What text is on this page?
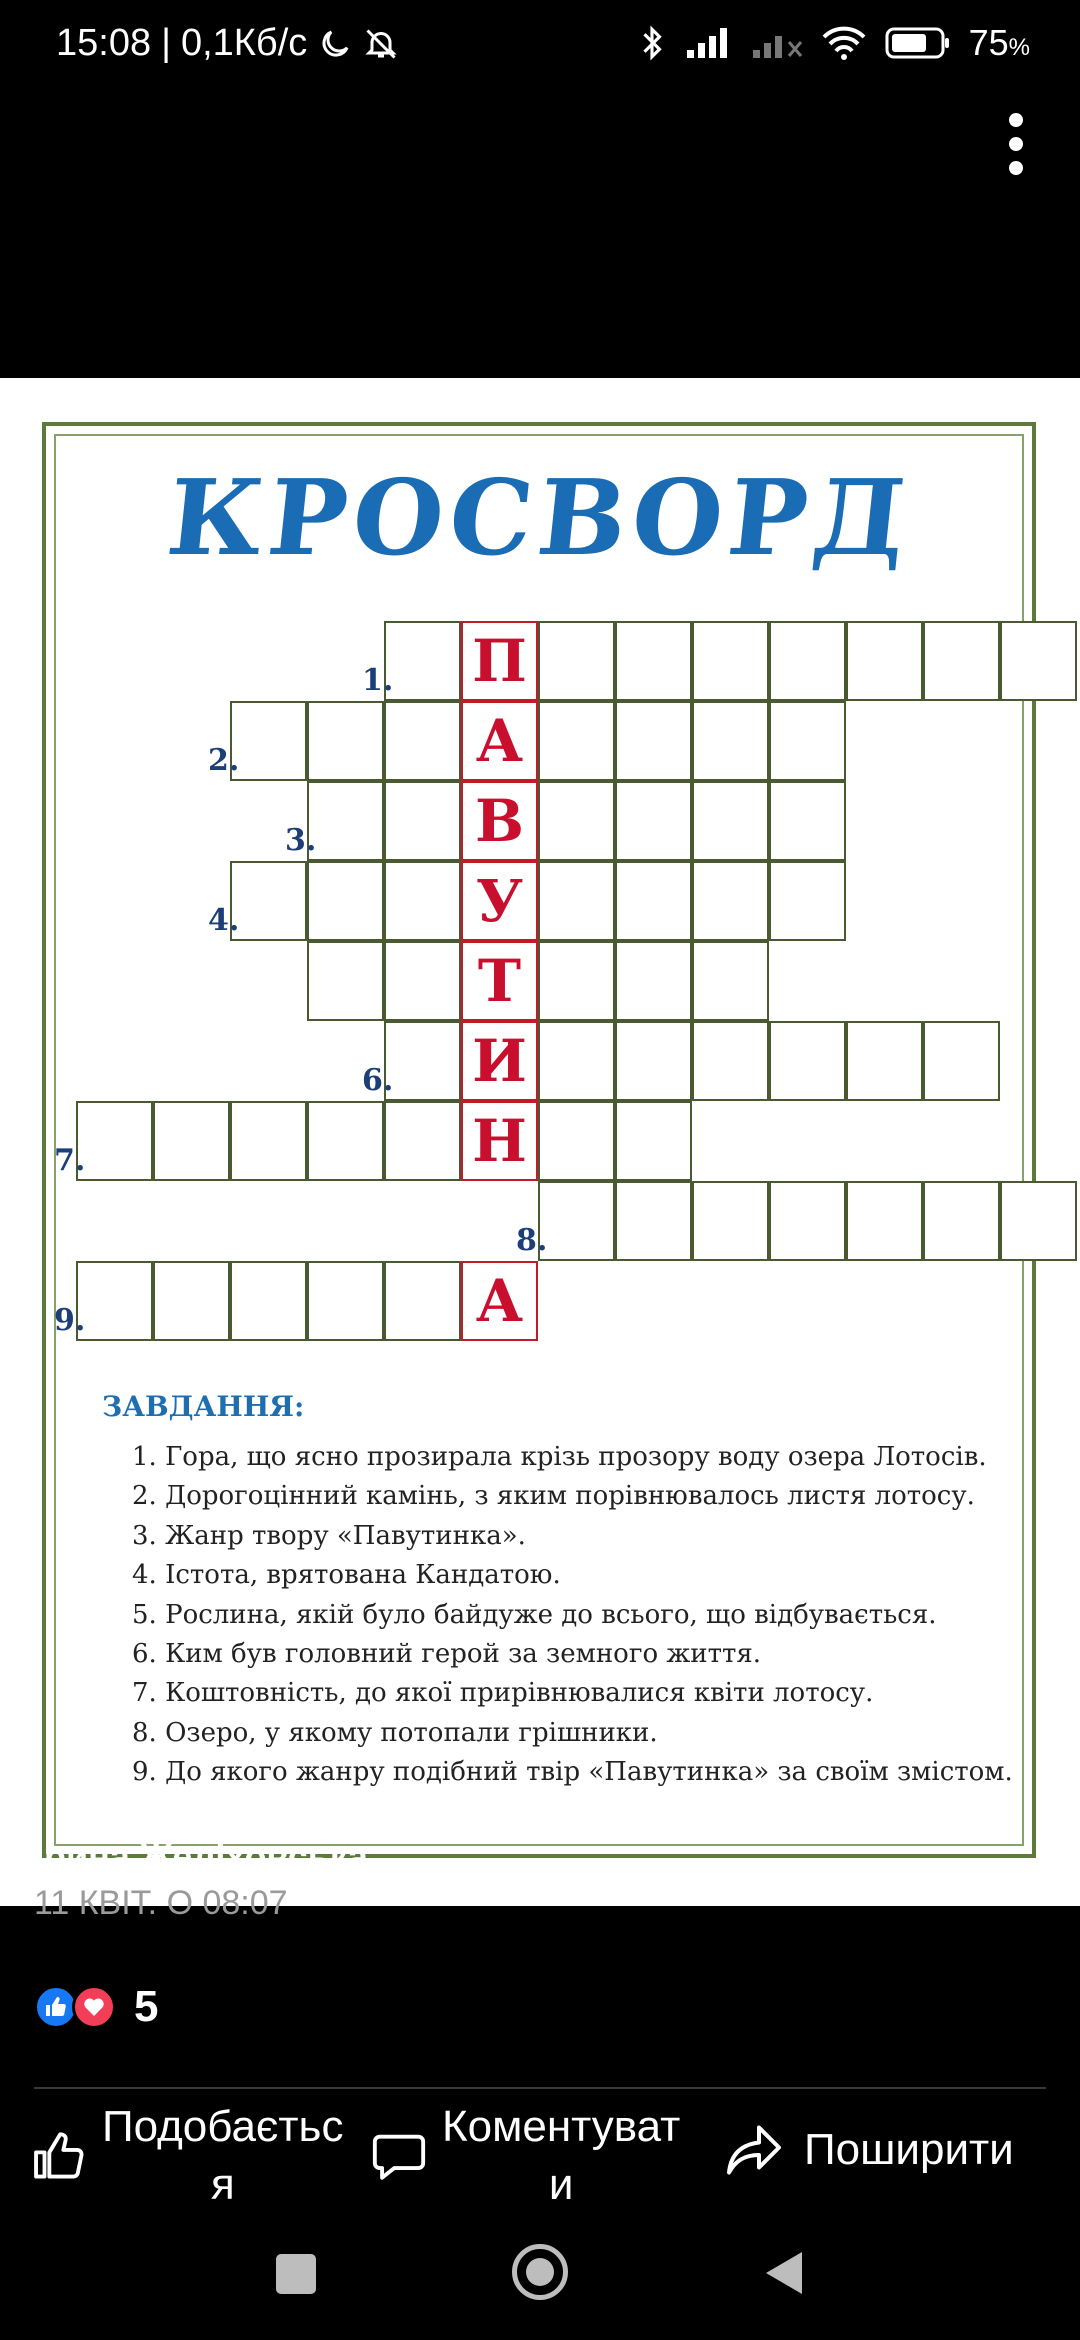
15:08 | 0,1Кб/с	75%
КРОСВОРД
П
А
В
У
Т
И
Н
А
1.
2.
3.
4.
6.
7.
8.
9.
ЗАВДАННЯ:
1. Гора, що ясно прозирала крізь прозору воду озера Лотосів.
2. Дорогоцінний камінь, з яким порівнювалось листя лотосу.
3. Жанр твору «Павутинка».
4. Істота, врятована Кандатою.
5. Рослина, якій було байдуже до всього, що відбувається.
6. Ким був головний герой за земного життя.
7. Коштовність, до якої прирівнювалися квіти лотосу.
8. Озеро, у якому потопали грішники.
9. До якого жанру подібний твір «Павутинка» за своїм змістом.
Ірина Желіховська
11 КВІТ. О 08:07
5
Подобаєтьс
я
Коментуват
и
Поширити
